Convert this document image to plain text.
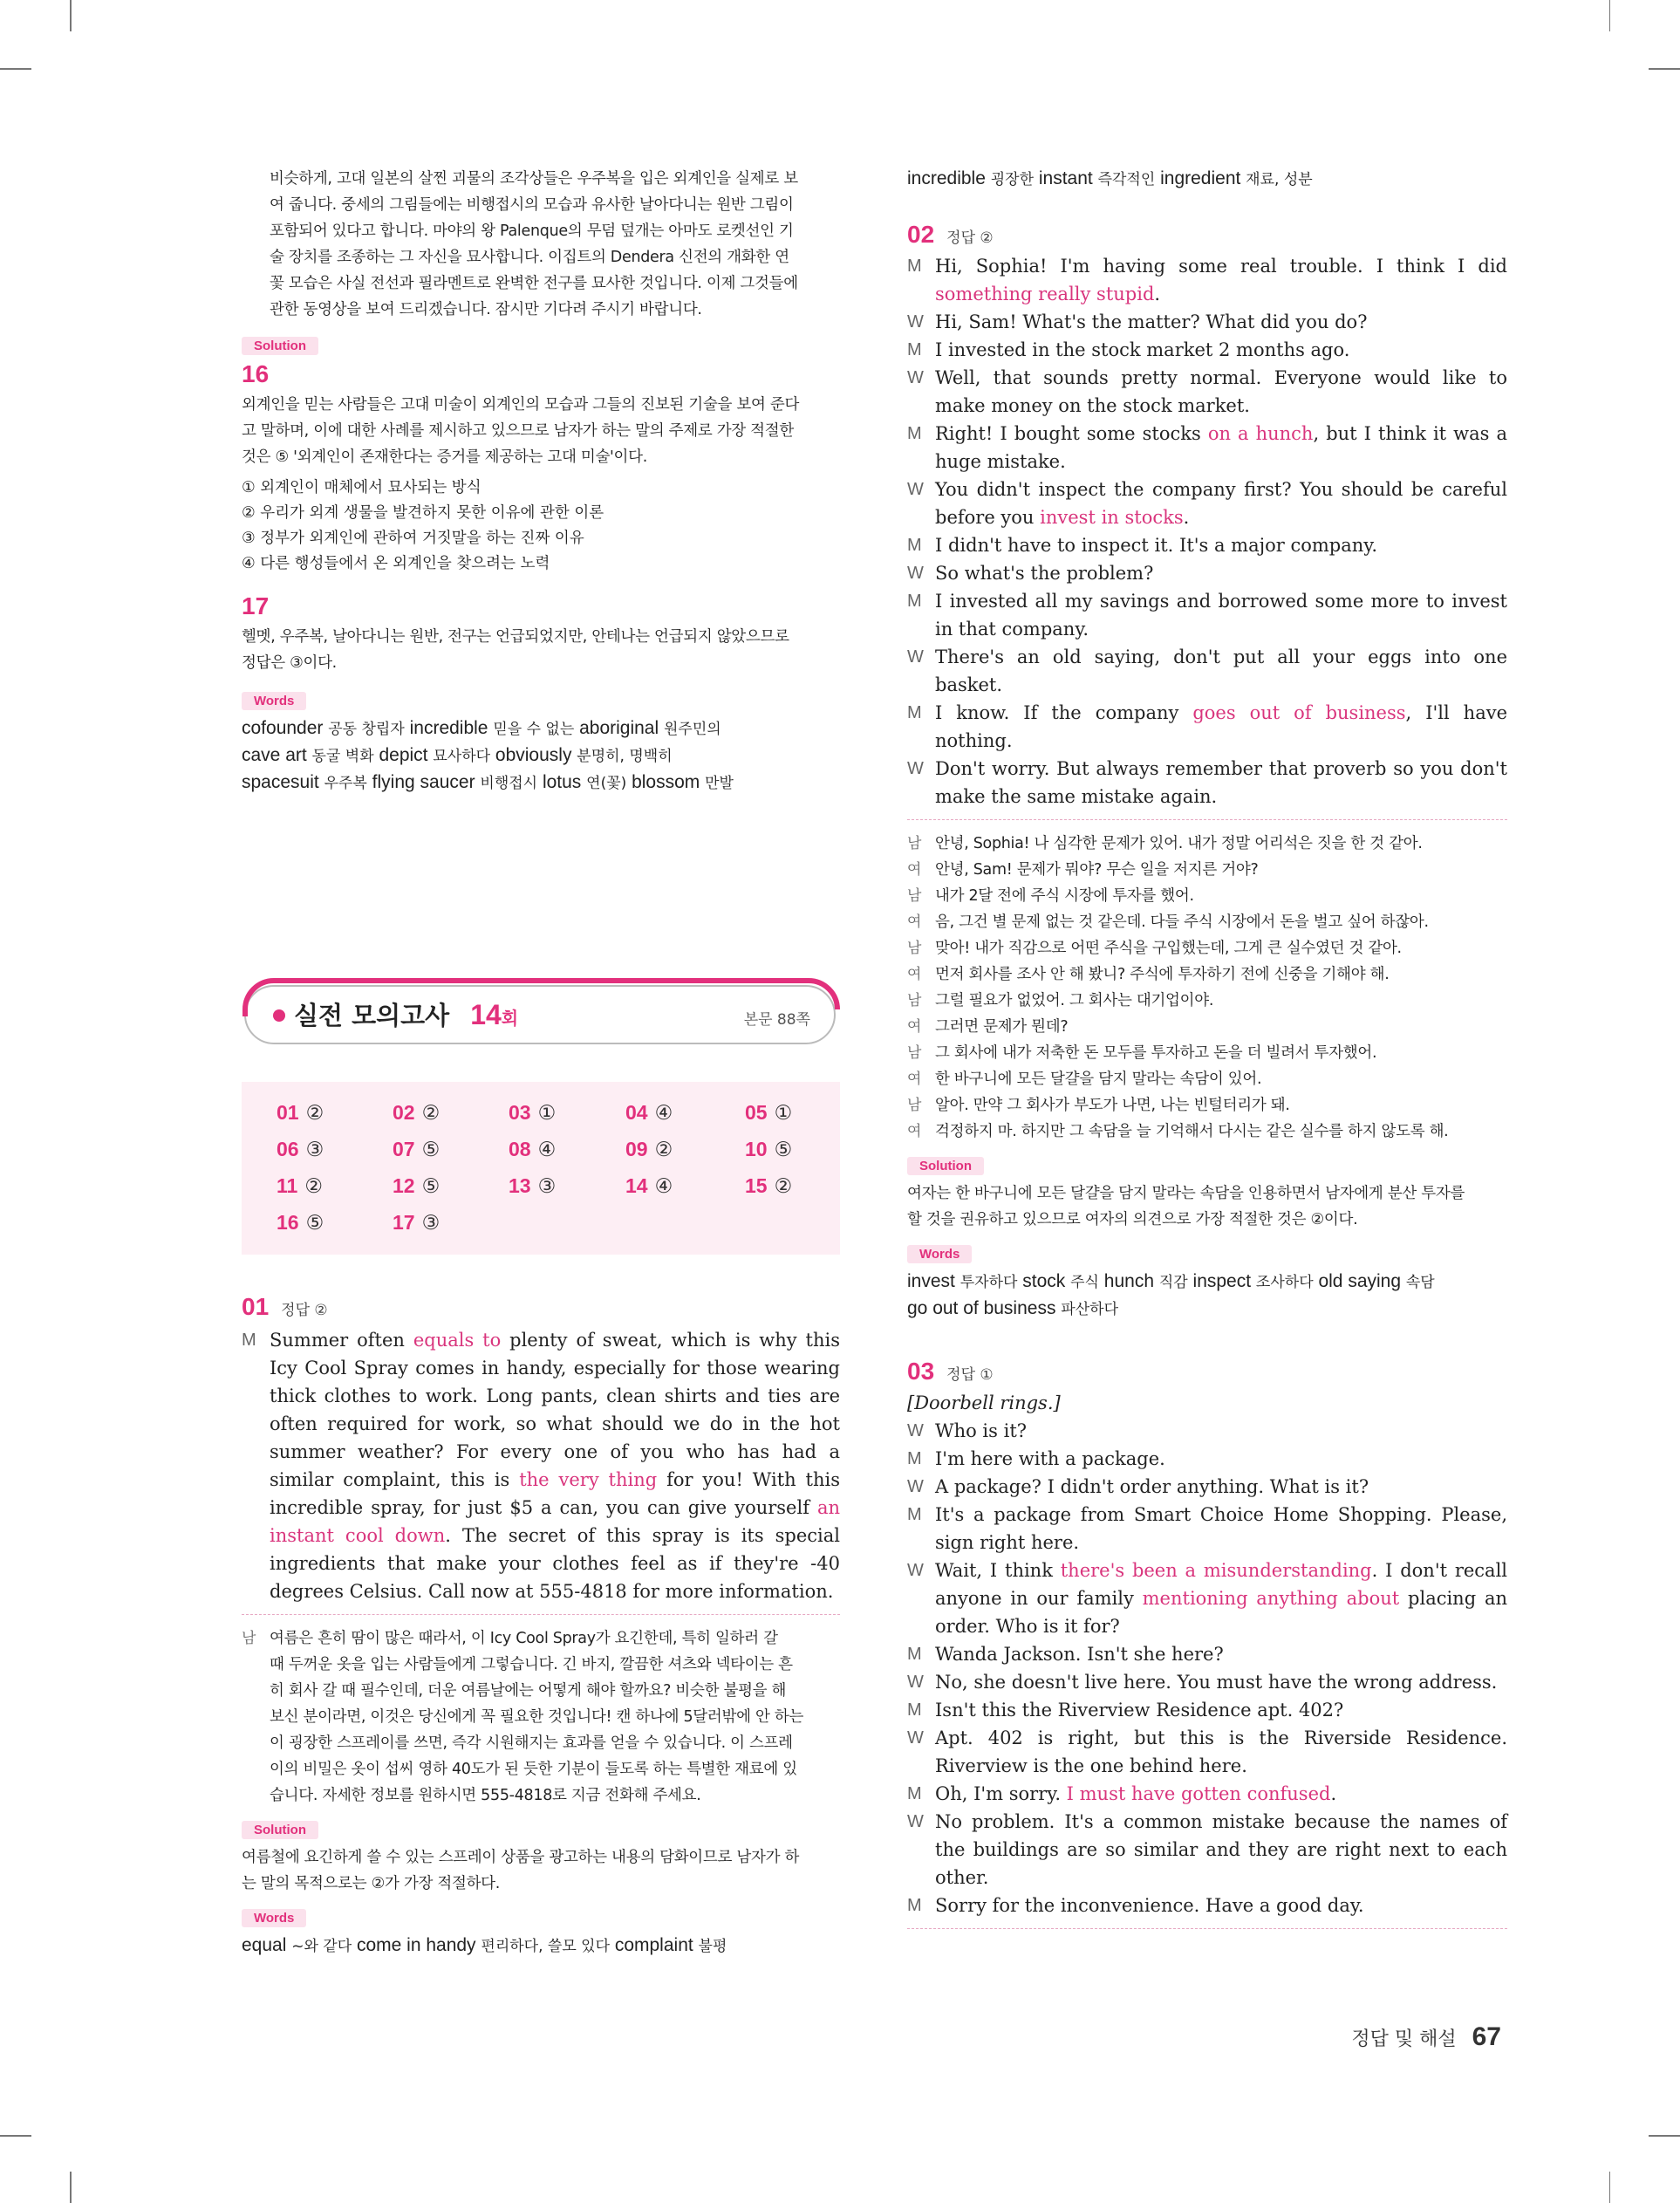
비슷하게, 고대 일본의 살찐 괴물의 조각상들은 우주복을 입은 외계인을 실제로 보
여 줍니다. 중세의 그림들에는 비행접시의 모습과 유사한 날아다니는 원반 그림이
포함되어 있다고 합니다. 마야의 왕 Palenque의 무덤 덮개는 아마도 로켓선인 기
술 장치를 조종하는 그 자신을 묘사합니다. 이집트의 Dendera 신전의 개화한 연
꽃 모습은 사실 전선과 필라멘트로 완벽한 전구를 묘사한 것입니다. 이제 그것들에
관한 동영상을 보여 드리겠습니다. 잠시만 기다려 주시기 바랍니다.
Solution
16
외계인을 믿는 사람들은 고대 미술이 외계인의 모습과 그들의 진보된 기술을 보여 준다
고 말하며, 이에 대한 사례를 제시하고 있으므로 남자가 하는 말의 주제로 가장 적절한
것은 ⑤ '외계인이 존재한다는 증거를 제공하는 고대 미술'이다.
① 외계인이 매체에서 묘사되는 방식
② 우리가 외계 생물을 발견하지 못한 이유에 관한 이론
③ 정부가 외계인에 관하여 거짓말을 하는 진짜 이유
④ 다른 행성들에서 온 외계인을 찾으려는 노력
17
헬멧, 우주복, 날아다니는 원반, 전구는 언급되었지만, 안테나는 언급되지 않았으므로
정답은 ③이다.
Words
cofounder 공동 창립자 incredible 믿을 수 없는 aboriginal 원주민의
cave art 동굴 벽화 depict 묘사하다 obviously 분명히, 명백히
spacesuit 우주복 flying saucer 비행접시 lotus 연(꽃) blossom 만발
실전 모의고사 14회	본문 88쪽
01 ②	02 ②	03 ①	04 ④	05 ①
06 ③	07 ⑤	08 ④	09 ②	10 ⑤
11 ②	12 ⑤	13 ③	14 ④	15 ②
16 ⑤	17 ③
01 정답 ②
M Summer often equals to plenty of sweat, which is why this Icy Cool Spray comes in handy, especially for those wearing thick clothes to work. Long pants, clean shirts and ties are often required for work, so what should we do in the hot summer weather? For every one of you who has had a similar complaint, this is the very thing for you! With this incredible spray, for just $5 a can, you can give yourself an instant cool down. The secret of this spray is its special ingredients that make your clothes feel as if they're -40 degrees Celsius. Call now at 555-4818 for more information.
남 여름은 흔히 땀이 많은 때라서, 이 Icy Cool Spray가 요긴한데, 특히 일하러 갈
때 두꺼운 옷을 입는 사람들에게 그렇습니다. 긴 바지, 깔끔한 셔츠와 넥타이는 흔
히 회사 갈 때 필수인데, 더운 여름날에는 어떻게 해야 할까요? 비슷한 불평을 해
보신 분이라면, 이것은 당신에게 꼭 필요한 것입니다! 캔 하나에 5달러밖에 안 하는
이 굉장한 스프레이를 쓰면, 즉각 시원해지는 효과를 얻을 수 있습니다. 이 스프레
이의 비밀은 옷이 섭씨 영하 40도가 된 듯한 기분이 들도록 하는 특별한 재료에 있
습니다. 자세한 정보를 원하시면 555-4818로 지금 전화해 주세요.
Solution
여름철에 요긴하게 쓸 수 있는 스프레이 상품을 광고하는 내용의 담화이므로 남자가 하
는 말의 목적으로는 ②가 가장 적절하다.
Words
equal ~와 같다 come in handy 편리하다, 쓸모 있다 complaint 불평
incredible 굉장한 instant 즉각적인 ingredient 재료, 성분
02 정답 ②
M Hi, Sophia! I'm having some real trouble. I think I did something really stupid.
W Hi, Sam! What's the matter? What did you do?
M I invested in the stock market 2 months ago.
W Well, that sounds pretty normal. Everyone would like to make money on the stock market.
M Right! I bought some stocks on a hunch, but I think it was a huge mistake.
W You didn't inspect the company first? You should be careful before you invest in stocks.
M I didn't have to inspect it. It's a major company.
W So what's the problem?
M I invested all my savings and borrowed some more to invest in that company.
W There's an old saying, don't put all your eggs into one basket.
M I know. If the company goes out of business, I'll have nothing.
W Don't worry. But always remember that proverb so you don't make the same mistake again.
남 안녕, Sophia! 나 심각한 문제가 있어. 내가 정말 어리석은 짓을 한 것 같아.
여 안녕, Sam! 문제가 뭐야? 무슨 일을 저지른 거야?
남 내가 2달 전에 주식 시장에 투자를 했어.
여 음, 그건 별 문제 없는 것 같은데. 다들 주식 시장에서 돈을 벌고 싶어 하잖아.
남 맞아! 내가 직감으로 어떤 주식을 구입했는데, 그게 큰 실수였던 것 같아.
여 먼저 회사를 조사 안 해 봤니? 주식에 투자하기 전에 신중을 기해야 해.
남 그럴 필요가 없었어. 그 회사는 대기업이야.
여 그러면 문제가 뭔데?
남 그 회사에 내가 저축한 돈 모두를 투자하고 돈을 더 빌려서 투자했어.
여 한 바구니에 모든 달걀을 담지 말라는 속담이 있어.
남 알아. 만약 그 회사가 부도가 나면, 나는 빈털터리가 돼.
여 걱정하지 마. 하지만 그 속담을 늘 기억해서 다시는 같은 실수를 하지 않도록 해.
Solution
여자는 한 바구니에 모든 달걀을 담지 말라는 속담을 인용하면서 남자에게 분산 투자를
할 것을 권유하고 있으므로 여자의 의견으로 가장 적절한 것은 ②이다.
Words
invest 투자하다 stock 주식 hunch 직감 inspect 조사하다 old saying 속담
go out of business 파산하다
03 정답 ①
[Doorbell rings.]
W Who is it?
M I'm here with a package.
W A package? I didn't order anything. What is it?
M It's a package from Smart Choice Home Shopping. Please, sign right here.
W Wait, I think there's been a misunderstanding. I don't recall anyone in our family mentioning anything about placing an order. Who is it for?
M Wanda Jackson. Isn't she here?
W No, she doesn't live here. You must have the wrong address.
M Isn't this the Riverview Residence apt. 402?
W Apt. 402 is right, but this is the Riverside Residence. Riverview is the one behind here.
M Oh, I'm sorry. I must have gotten confused.
W No problem. It's a common mistake because the names of the buildings are so similar and they are right next to each other.
M Sorry for the inconvenience. Have a good day.
정답 및 해설 67
